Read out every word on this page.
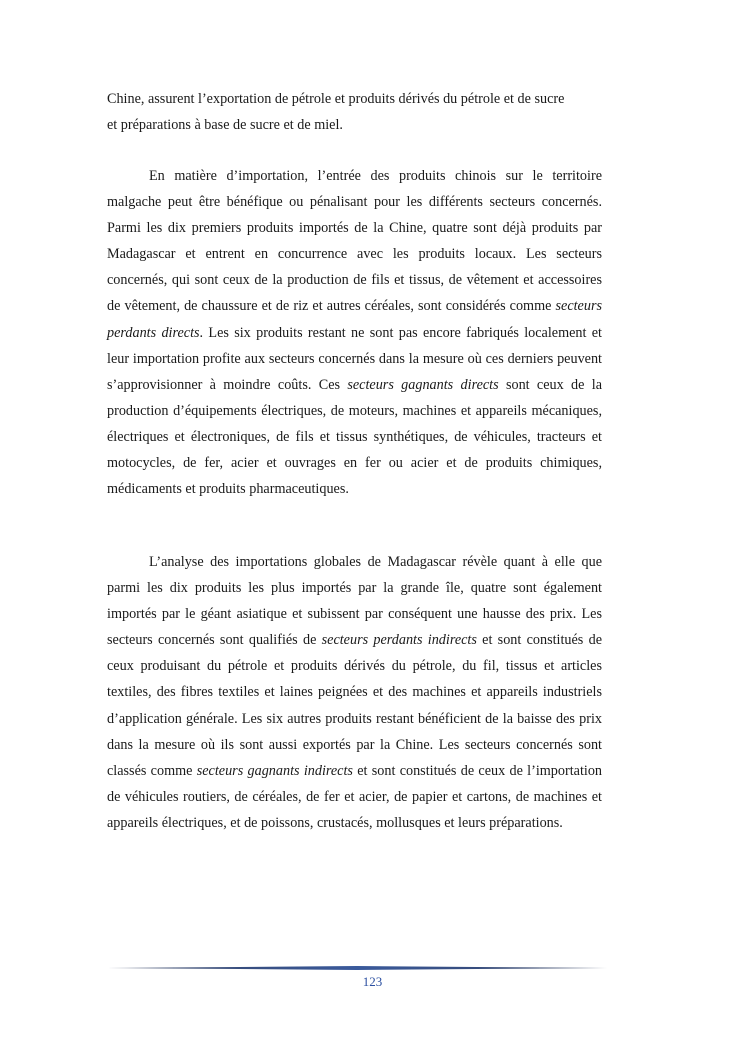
Chine, assurent l’exportation de pétrole et produits dérivés du pétrole et de sucre
et préparations à base de sucre et de miel.

En matière d’importation, l’entrée des produits chinois sur le territoire malgache peut être bénéfique ou pénalisant pour les différents secteurs concernés. Parmi les dix premiers produits importés de la Chine, quatre sont déjà produits par Madagascar et entrent en concurrence avec les produits locaux. Les secteurs concernés, qui sont ceux de la production de fils et tissus, de vêtement et accessoires de vêtement, de chaussure et de riz et autres céréales, sont considérés comme secteurs perdants directs. Les six produits restant ne sont pas encore fabriqués localement et leur importation profite aux secteurs concernés dans la mesure où ces derniers peuvent s’approvisionner à moindre coûts. Ces secteurs gagnants directs sont ceux de la production d’équipements électriques, de moteurs, machines et appareils mécaniques, électriques et électroniques, de fils et tissus synthétiques, de véhicules, tracteurs et motocycles, de fer, acier et ouvrages en fer ou acier et de produits chimiques, médicaments et produits pharmaceutiques.

L’analyse des importations globales de Madagascar révèle quant à elle que parmi les dix produits les plus importés par la grande île, quatre sont également importés par le géant asiatique et subissent par conséquent une hausse des prix. Les secteurs concernés sont qualifiés de secteurs perdants indirects et sont constitués de ceux produisant du pétrole et produits dérivés du pétrole, du fil, tissus et articles textiles, des fibres textiles et laines peignées et des machines et appareils industriels d’application générale. Les six autres produits restant bénéficient de la baisse des prix dans la mesure où ils sont aussi exportés par la Chine. Les secteurs concernés sont classés comme secteurs gagnants indirects et sont constitués de ceux de l’importation de véhicules routiers, de céréales, de fer et acier, de papier et cartons, de machines et appareils électriques, et de poissons, crustacés, mollusques et leurs préparations.

123
